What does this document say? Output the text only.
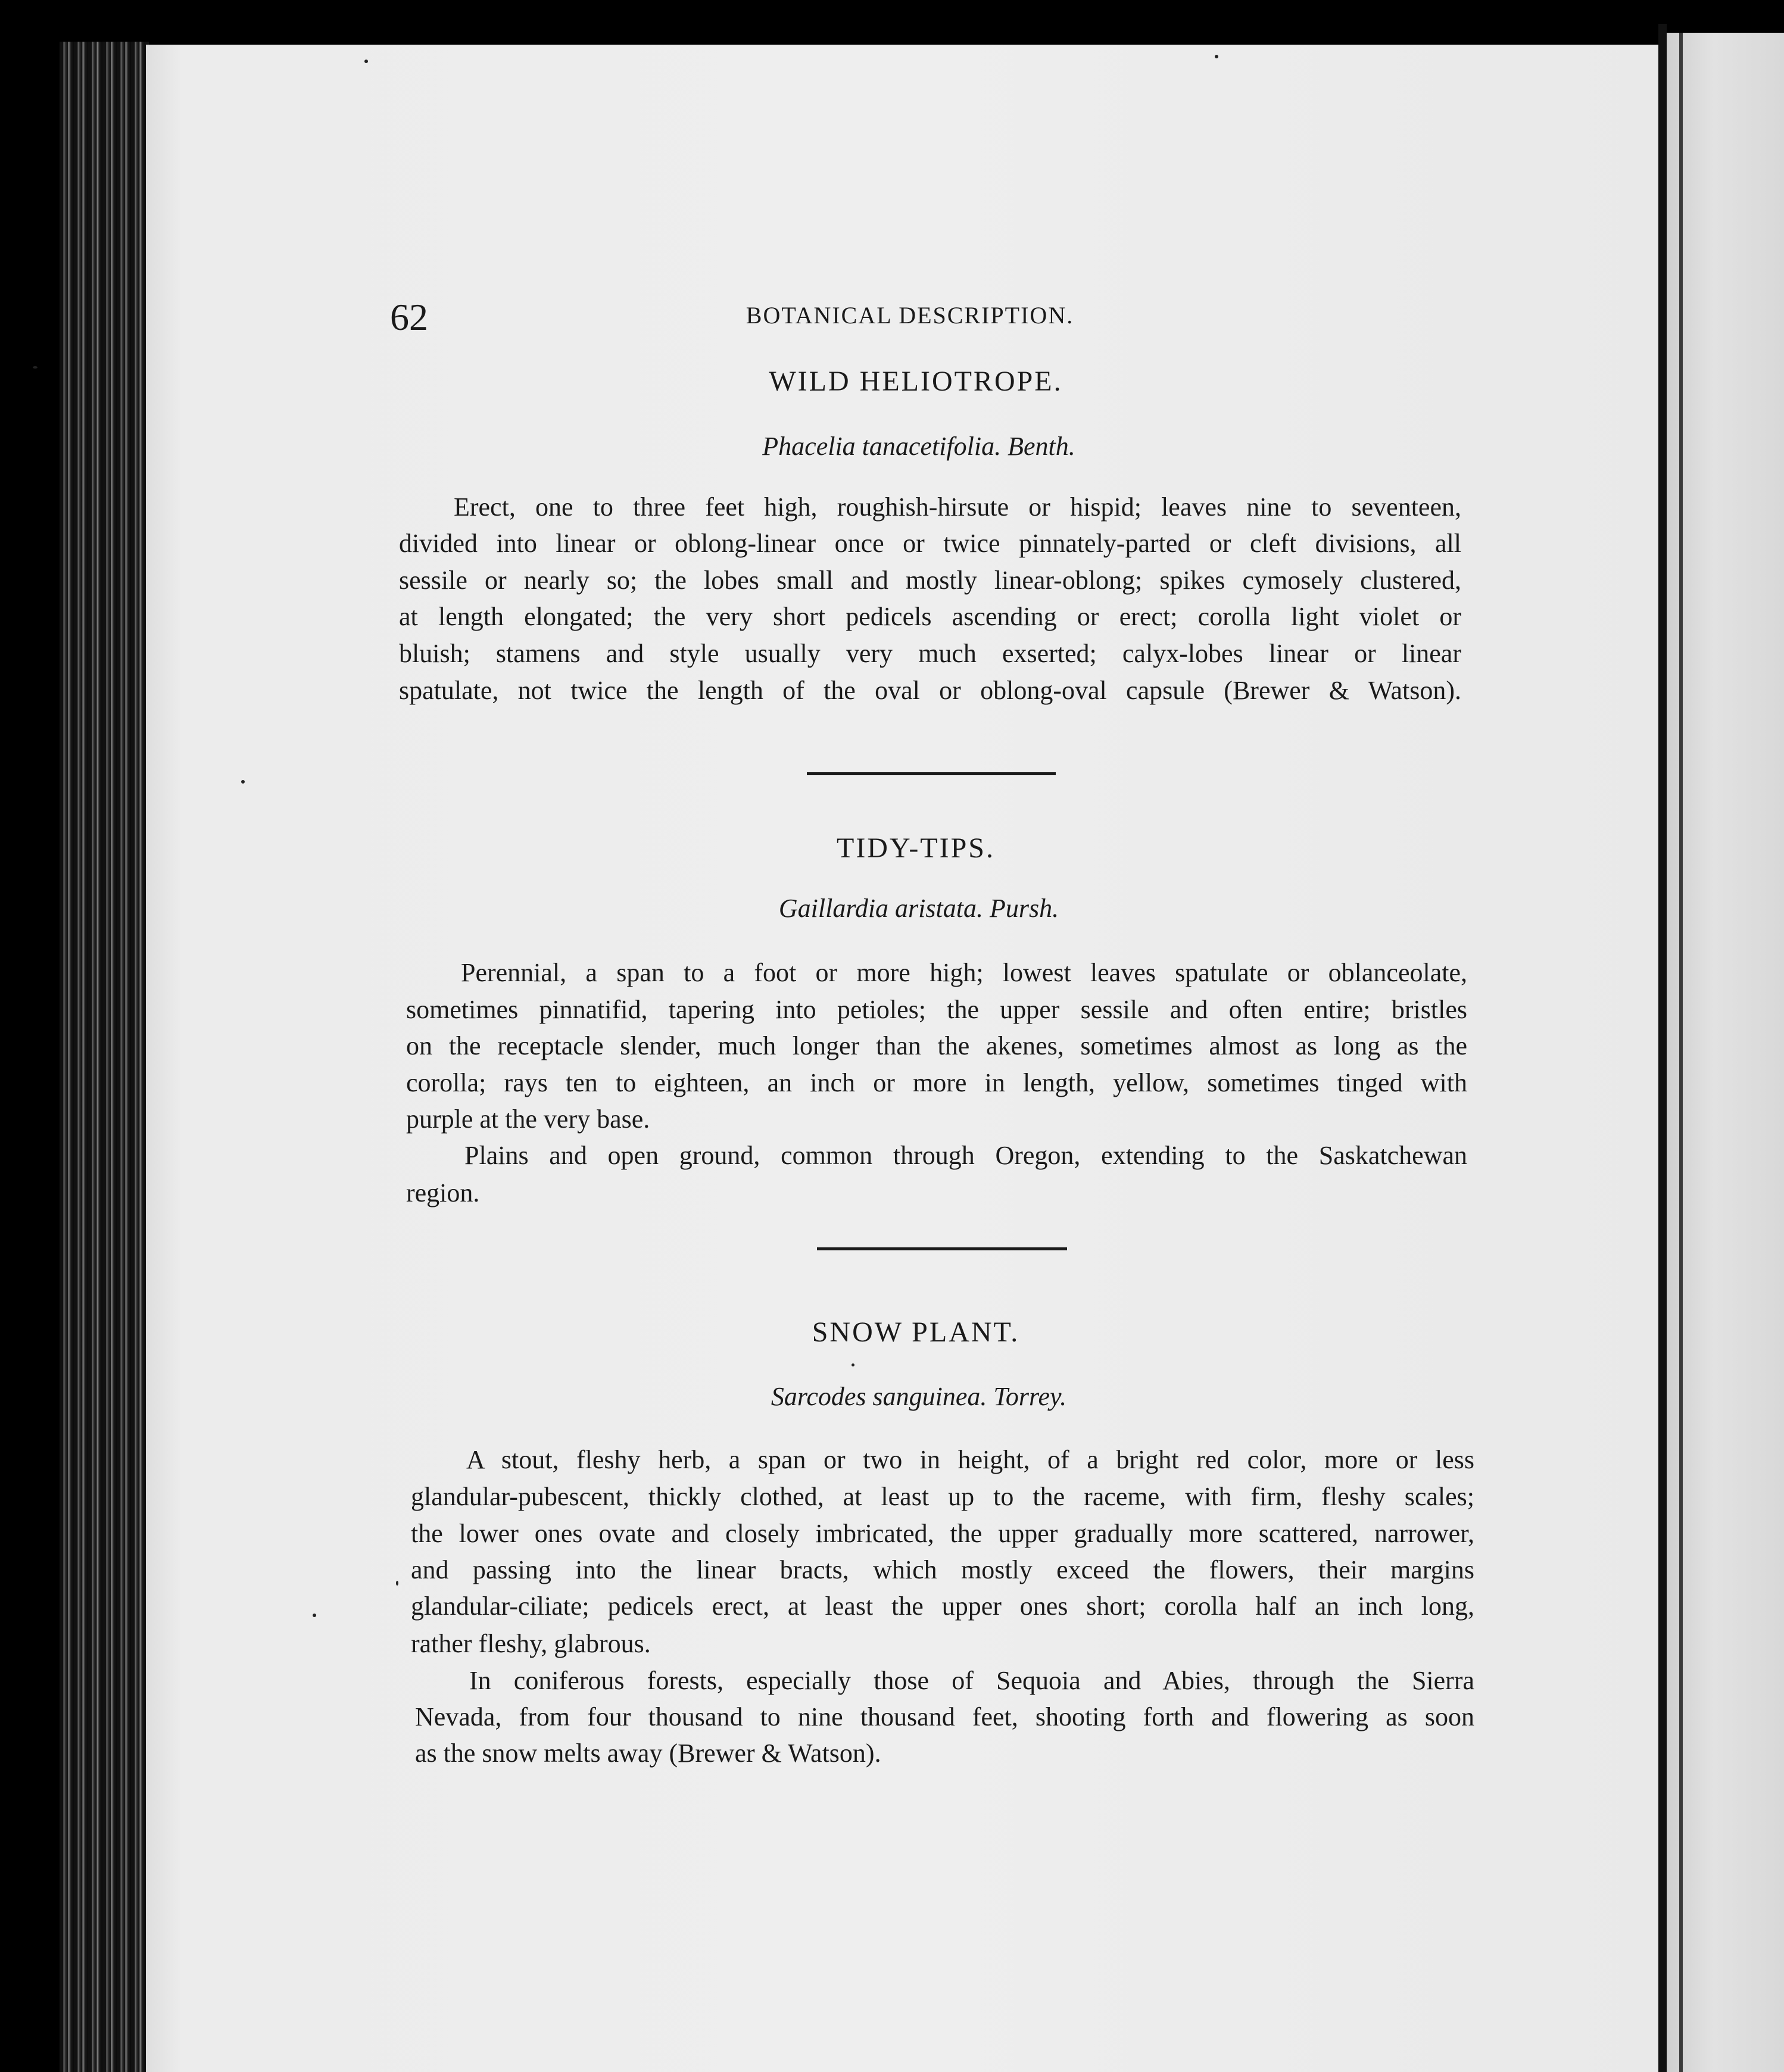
62	BOTANICAL DESCRIPTION.
WILD HELIOTROPE.
Phacelia tanacetifolia. Benth.
Erect, one to three feet high, roughish-hirsute or hispid; leaves nine to seventeen,
divided into linear or oblong-linear once or twice pinnately-parted or cleft divisions, all
sessile or nearly so; the lobes small and mostly linear-oblong; spikes cymosely clustered,
at length elongated; the very short pedicels ascending or erect; corolla light violet or
bluish; stamens and style usually very much exserted; calyx-lobes linear or linear
spatulate, not twice the length of the oval or oblong-oval capsule (Brewer & Watson).
TIDY-TIPS.
Gaillardia aristata. Pursh.
Perennial, a span to a foot or more high; lowest leaves spatulate or oblanceolate,
sometimes pinnatifid, tapering into petioles; the upper sessile and often entire; bristles
on the receptacle slender, much longer than the akenes, sometimes almost as long as the
corolla; rays ten to eighteen, an inch or more in length, yellow, sometimes tinged with
purple at the very base.
Plains and open ground, common through Oregon, extending to the Saskatchewan
region.
SNOW PLANT.
Sarcodes sanguinea. Torrey.
A stout, fleshy herb, a span or two in height, of a bright red color, more or less
glandular-pubescent, thickly clothed, at least up to the raceme, with firm, fleshy scales;
the lower ones ovate and closely imbricated, the upper gradually more scattered, narrower,
and passing into the linear bracts, which mostly exceed the flowers, their margins
glandular-ciliate; pedicels erect, at least the upper ones short; corolla half an inch long,
rather fleshy, glabrous.
In coniferous forests, especially those of Sequoia and Abies, through the Sierra
Nevada, from four thousand to nine thousand feet, shooting forth and flowering as soon
as the snow melts away (Brewer & Watson).
